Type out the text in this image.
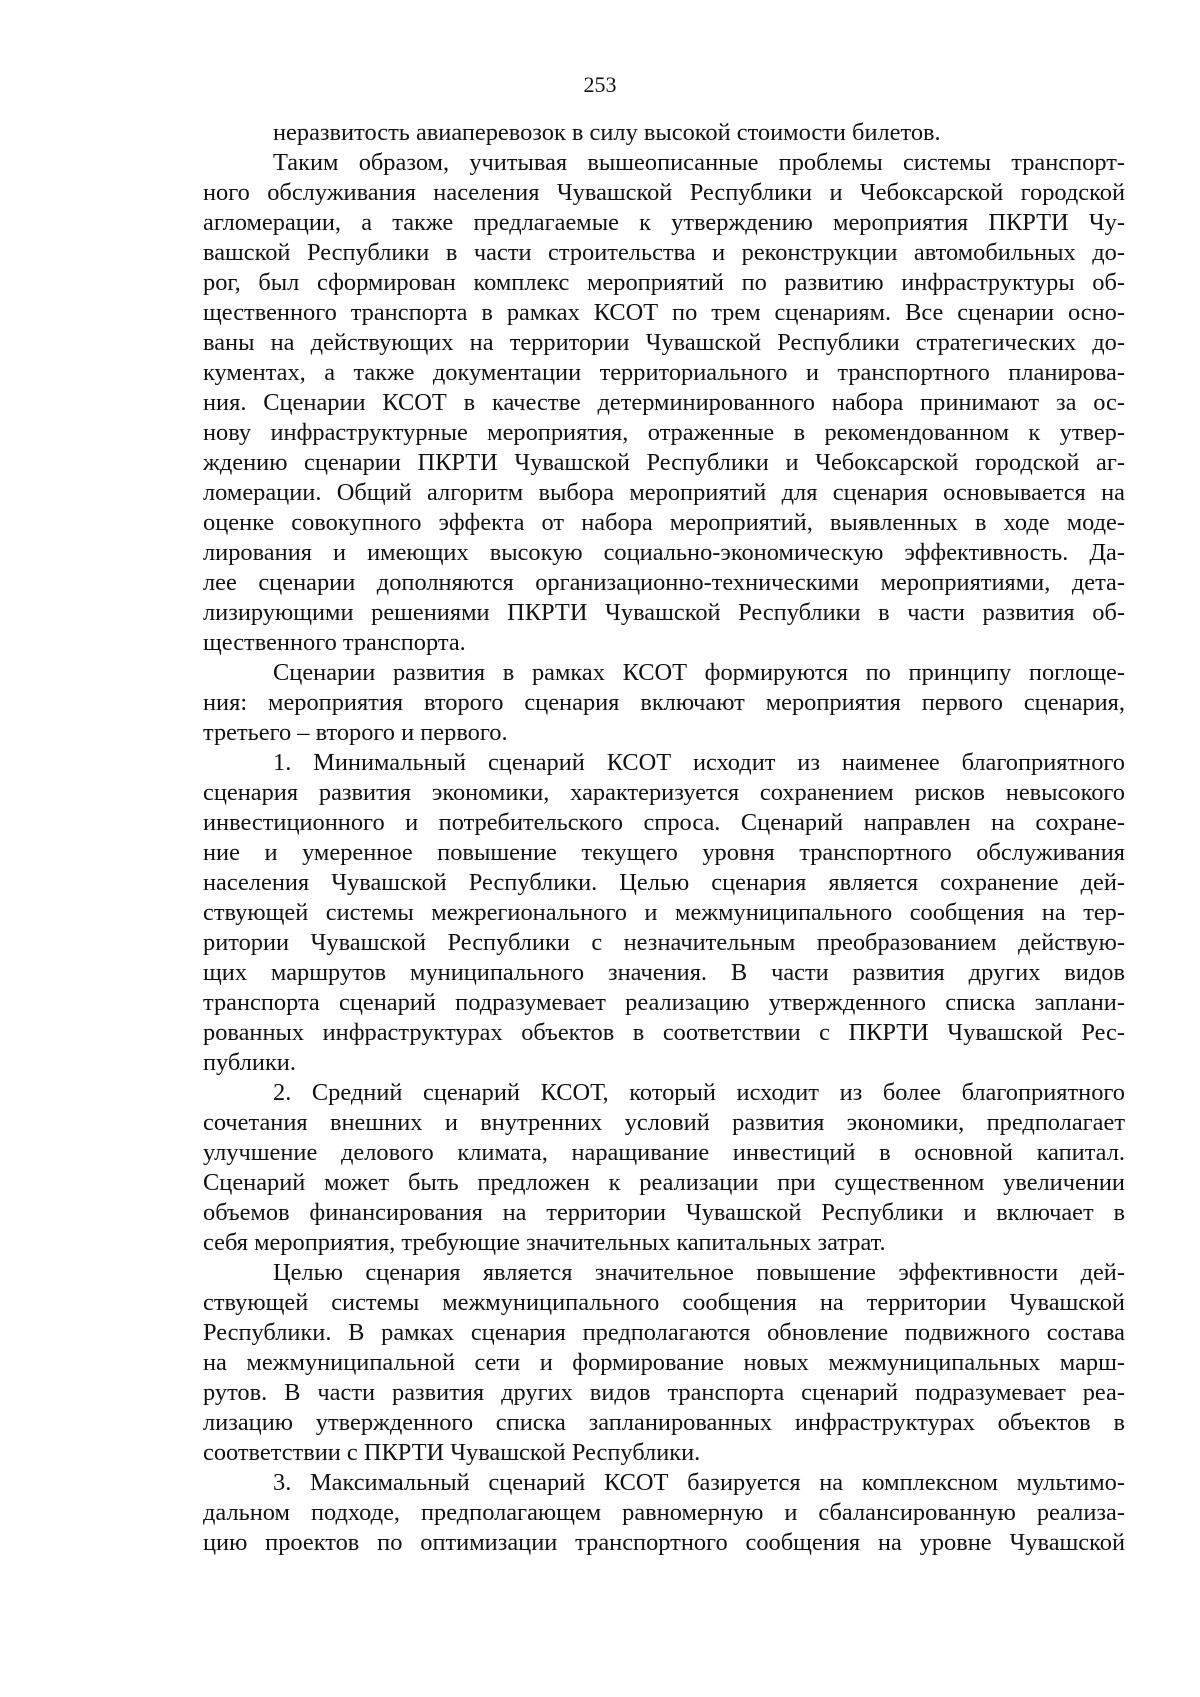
253
неразвитость авиаперевозок в силу высокой стоимости билетов.
Таким образом, учитывая вышеописанные проблемы системы транспорт-
ного обслуживания населения Чувашской Республики и Чебоксарской городской
агломерации, а также предлагаемые к утверждению мероприятия ПКРТИ Чу-
вашской Республики в части строительства и реконструкции автомобильных до-
рог, был сформирован комплекс мероприятий по развитию инфраструктуры об-
щественного транспорта в рамках КСОТ по трем сценариям. Все сценарии осно-
ваны на действующих на территории Чувашской Республики стратегических до-
кументах, а также документации территориального и транспортного планирова-
ния. Сценарии КСОТ в качестве детерминированного набора принимают за ос-
нову инфраструктурные мероприятия, отраженные в рекомендованном к утвер-
ждению сценарии ПКРТИ Чувашской Республики и Чебоксарской городской аг-
ломерации. Общий алгоритм выбора мероприятий для сценария основывается на
оценке совокупного эффекта от набора мероприятий, выявленных в ходе моде-
лирования и имеющих высокую социально-экономическую эффективность. Да-
лее сценарии дополняются организационно-техническими мероприятиями, дета-
лизирующими решениями ПКРТИ Чувашской Республики в части развития об-
щественного транспорта.
Сценарии развития в рамках КСОТ формируются по принципу поглоще-
ния: мероприятия второго сценария включают мероприятия первого сценария,
третьего – второго и первого.
1. Минимальный сценарий КСОТ исходит из наименее благоприятного
сценария развития экономики, характеризуется сохранением рисков невысокого
инвестиционного и потребительского спроса. Сценарий направлен на сохране-
ние и умеренное повышение текущего уровня транспортного обслуживания
населения Чувашской Республики. Целью сценария является сохранение дей-
ствующей системы межрегионального и межмуниципального сообщения на тер-
ритории Чувашской Республики с незначительным преобразованием действую-
щих маршрутов муниципального значения. В части развития других видов
транспорта сценарий подразумевает реализацию утвержденного списка заплани-
рованных инфраструктурах объектов в соответствии с ПКРТИ Чувашской Рес-
публики.
2. Средний сценарий КСОТ, который исходит из более благоприятного
сочетания внешних и внутренних условий развития экономики, предполагает
улучшение делового климата, наращивание инвестиций в основной капитал.
Сценарий может быть предложен к реализации при существенном увеличении
объемов финансирования на территории Чувашской Республики и включает в
себя мероприятия, требующие значительных капитальных затрат.
Целью сценария является значительное повышение эффективности дей-
ствующей системы межмуниципального сообщения на территории Чувашской
Республики. В рамках сценария предполагаются обновление подвижного состава
на межмуниципальной сети и формирование новых межмуниципальных марш-
рутов. В части развития других видов транспорта сценарий подразумевает реа-
лизацию утвержденного списка запланированных инфраструктурах объектов в
соответствии с ПКРТИ Чувашской Республики.
3. Максимальный сценарий КСОТ базируется на комплексном мультимо-
дальном подходе, предполагающем равномерную и сбалансированную реализа-
цию проектов по оптимизации транспортного сообщения на уровне Чувашской
